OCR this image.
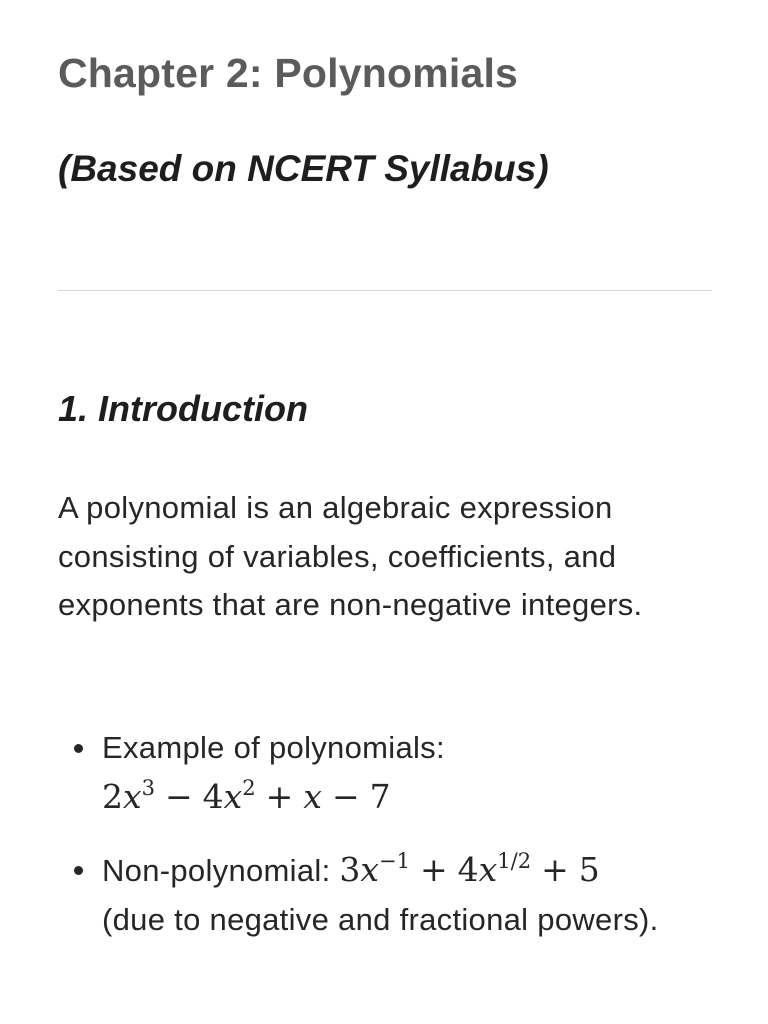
Chapter 2: Polynomials
(Based on NCERT Syllabus)
1. Introduction

A polynomial is an algebraic expression consisting of variables, coefficients, and exponents that are non-negative integers.

Example of polynomials:
$2x^3 - 4x^2 + x - 7$
Non-polynomial: $3x^{-1} + 4x^{1/2} + 5$
(due to negative and fractional powers).
